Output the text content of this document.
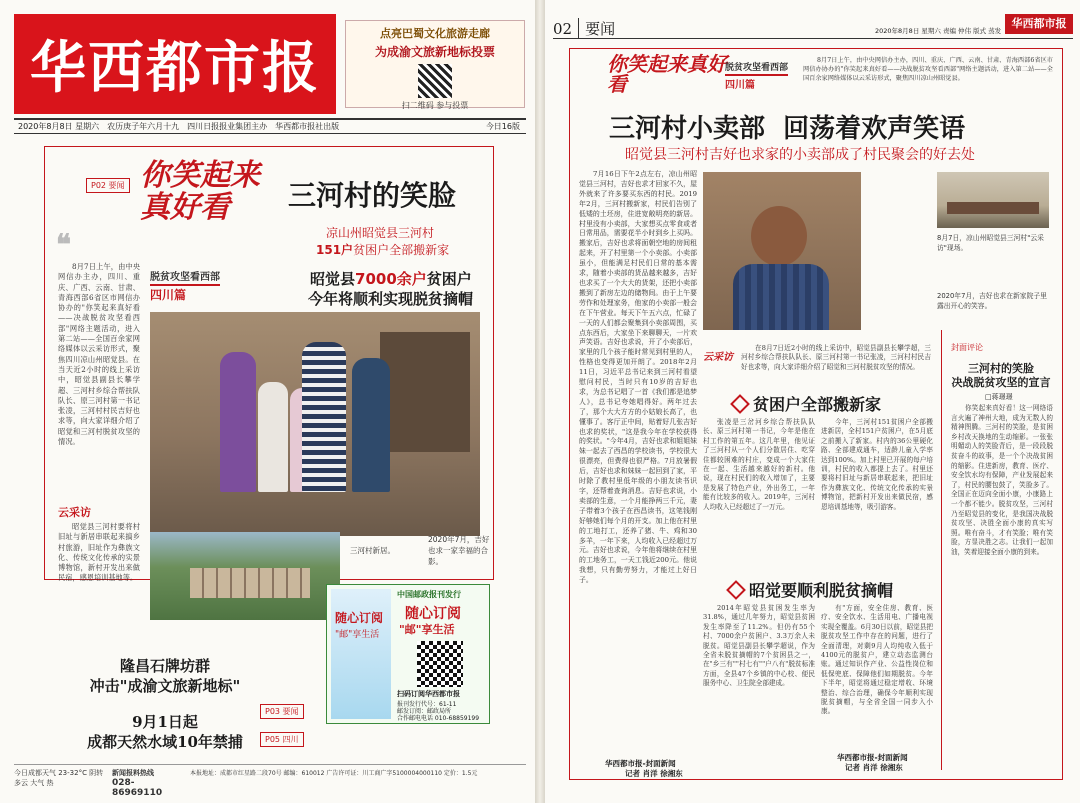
华西都市报
点亮巴蜀文化旅游走廊
为成渝文旅新地标投票
扫二维码 参与投票
2020年8月8日 星期六 农历庚子年六月十九 四川日报报业集团主办 华西都市报社出版	今日16版
P02 要闻 你笑起来真好看	三河村的笑脸
凉山州昭觉县三河村
151户贫困户全部搬新家
脱贫攻坚看西部
四川篇
昭觉县7000余户贫困户
今年将顺利实现脱贫摘帽
❝
8月7日上午，由中央网信办主办，四川、重庆、广西、云南、甘肃、青海西部6省区市网信办协办的"你笑起来真好看——决战脱贫攻坚看西部"网络主题活动，进入第二站——全国百余家网络媒体以云采访形式，聚焦四川凉山州昭觉县。在当天近2小时的线上采访中，昭觉县副县长攀学超、三河村乡综合帮扶队队长、原三河村第一书记张凌，三河村村民吉好也求等，向大家详细介绍了昭觉和三河村脱贫攻坚的情况。
云采访
昭觉县三河村要将村旧址与新居串联起来搞乡村旅游，旧址作为彝族文化、传统文化传承的实景博物馆，新村开发出来做民宿，感恩培训基地等。
三河村新居。
2020年7月，吉好也求一家幸福的合影。
随心订阅
"邮"享生活
中国邮政报刊发行
随心订阅
"邮"享生活
扫码订阅华西都市报
报刊发行代号：61-11
邮发订阅：邮政局所
合作邮电电话 010-68859199
隆昌石牌坊群
冲击"成渝文旅新地标"
P03 要闻
9月1日起
成都天然水域10年禁捕	P05 四川
今日成都天气 23-32°C 阴转多云 大气 热
新闻报料热线
028-86969110
本报地址：成都市红星路二段70号 邮编：610012 广告许可证：川工商广字5100004000110 定价：1.5元
02 要闻	2020年8月8日 星期六 责编 仲伟 版式 蒸发
华西都市报
你笑起来真好看
脱贫攻坚看西部
四川篇
8月7日上午，由中央网信办主办，四川、重庆、广西、云南、甘肃、青海西部6省区市网信办协办的"你笑起来真好看——决战脱贫攻坚看西部"网络主题活动，进入第二站——全国百余家网络媒体以云采访形式，聚焦四川凉山州昭觉县。
三河村小卖部  回荡着欢声笑语
昭觉县三河村吉好也求家的小卖部成了村民聚会的好去处
7月16日下午2点左右，凉山州昭觉县三河村，吉好也求才回家不久，屋外就来了许多要买东西的村民。2019年2月，三河村搬新家，村民们告别了低矮的土坯房，住进宽敞明亮的新居。村里没有小卖部，大家想买点零食或者日常用品，需要花半小时到乡上买吗。搬家后，吉好也求将面朝空地的房间租起来，开了村里第一个小卖部。小卖部虽小，但能满足村民们日常的基本需求，随着小卖部的货品越来越多，吉好也求买了一个大大的货架，还把小卖部搬到了新房左边的储物间。由于上午要劳作和处理家务，他家的小卖部一般会在下午营业。每天下午五六点，忙碌了一天的人们都会聚集到小卖部周围，买点东西后，大家坐下来聊聊天，一片欢声笑语。吉好也求说，开了小卖部后，家里的几个孩子能时常见到村里的人，性格也变得更加开朗了。2018年2月11日，习近平总书记来到三河村看望慰问村民，当时只有10岁的吉好也求，为总书记唱了一首《我们都是追梦人》，总书记夸她唱得好。两年过去了，那个大大方方的小姑娘长高了，也懂事了。客厅正中间，贴着好几张吉好也求的奖状，"这是我今年在学校获得的奖状。"今年4月，吉好也求和姐姐妹妹一起去了西昌的学校读书，学校很大很漂亮，但费得也很严格。7月放暑假后，吉好也求和妹妹一起回到了家，平时除了教村里低年级的小朋友读书识字，还帮着查询消息。吉好也求说，小卖部的生意，一个月能挣两三千元，妻子带着3个孩子在西昌读书，这笔钱刚好够她们每个月的开支。加上他在村里的工地打工，还养了猪、牛、鸡和30多羊，一年下来，人均收入已经超过万元。吉好也求说，今年他将继续在村里的工地务工，一天工钱近200元。他说我想，只有勤劳努力，才能过上好日子。
华西都市报-封面新闻
记者 肖洋 徐湘东
8月7日，凉山州昭觉县三河村"云采访"现场。
2020年7月，吉好也求在新家院子里露出开心的笑容。
云采访
在8月7日近2小时的线上采访中，昭觉县副县长攀学超，三河村乡综合帮扶队队长、原三河村第一书记张凌，三河村村民吉好也求等，向大家详细介绍了昭觉和三河村脱贫攻坚的情况。
贫困户全部搬新家
张凌是三岔河乡综合帮扶队队长、原三河村第一书记，今年是他在村工作的第五年。这几年里，他见证了三河村从一个人们分散居住、吃穿住都较困难的村庄，变成一个大家住在一起、生活越来越好的新村。他说，现在村民们的收入增加了，主要是发展了特色产业，外出务工，一年能有比较多的收入。2019年，三河村人均收入已经超过了一万元。
今年，三河村151贫困户全部搬进新居，全村151户贫困户，在5月底之前搬入了新家。村内的36公里硬化路、全部建成通车，适龄儿童入学率达到100%。加上村里已开展的每户培训，村民的收入都提上去了。村里还要将村旧址与新居串联起来，把旧址作为彝族文化、传统文化传承的实景博物馆，把新村开发出来做民宿，感恩培训基地等，吸引游客。
昭觉要顺利脱贫摘帽
2014年昭觉县贫困发生率为31.8%，通过几年努力，昭觉县贫困发生率降至了11.2%。但仍有55个村、7000余户贫困户、3.3万余人未脱贫。昭觉县副县长攀学超说，作为全省未脱贫摘帽的7个贫困县之一，在"乡三有""村七有""户八有"脱贫标准方面，全县47个乡镇的中心校、便民服务中心、卫生院全部建成。
有"方面，安全住房、教育、医疗、安全饮水、生活用电、广播电视实现全覆盖。6月30日以前，昭觉县把脱贫攻坚工作中存在的问题，进行了全面清理，对剩9月人均纯收入低于4100元的脱贫户，建立动态监测台账。通过知识作产业、公益性岗位和低保兜底、保障他们如期脱贫。今年下半年，昭觉将通过稳定增收、环境整治、综合治理，确保今年顺利实现脱贫摘帽，与全省全国一同步入小康。
华西都市报-封面新闻
记者 肖洋 徐湘东
封面评论
三河村的笑脸
决战脱贫攻坚的宣言
□蒋璟璟
你笑起来真好看！这一网络语言火遍了神州大地，成为无数人的精神图腾。三河村的笑脸，是贫困乡村改天换地的生动缩影。一张张明媚动人的笑脸背后，是一段段脱贫奋斗的故事，是一个个决战贫困的缩影。住进新房，教育、医疗、安全饮水均有保障，产业发展起来了，村民的腰包鼓了，笑脸多了。全国正在迈向全面小康，小康路上一个都不能少。脱贫攻坚，三河村乃至昭觉县的变化，是我国决战脱贫攻坚、决胜全面小康的真实写照。唯有奋斗，才有笑脸；唯有笑脸，方显决胜之志。让我们一起加油，笑着迎接全面小康的到来。
